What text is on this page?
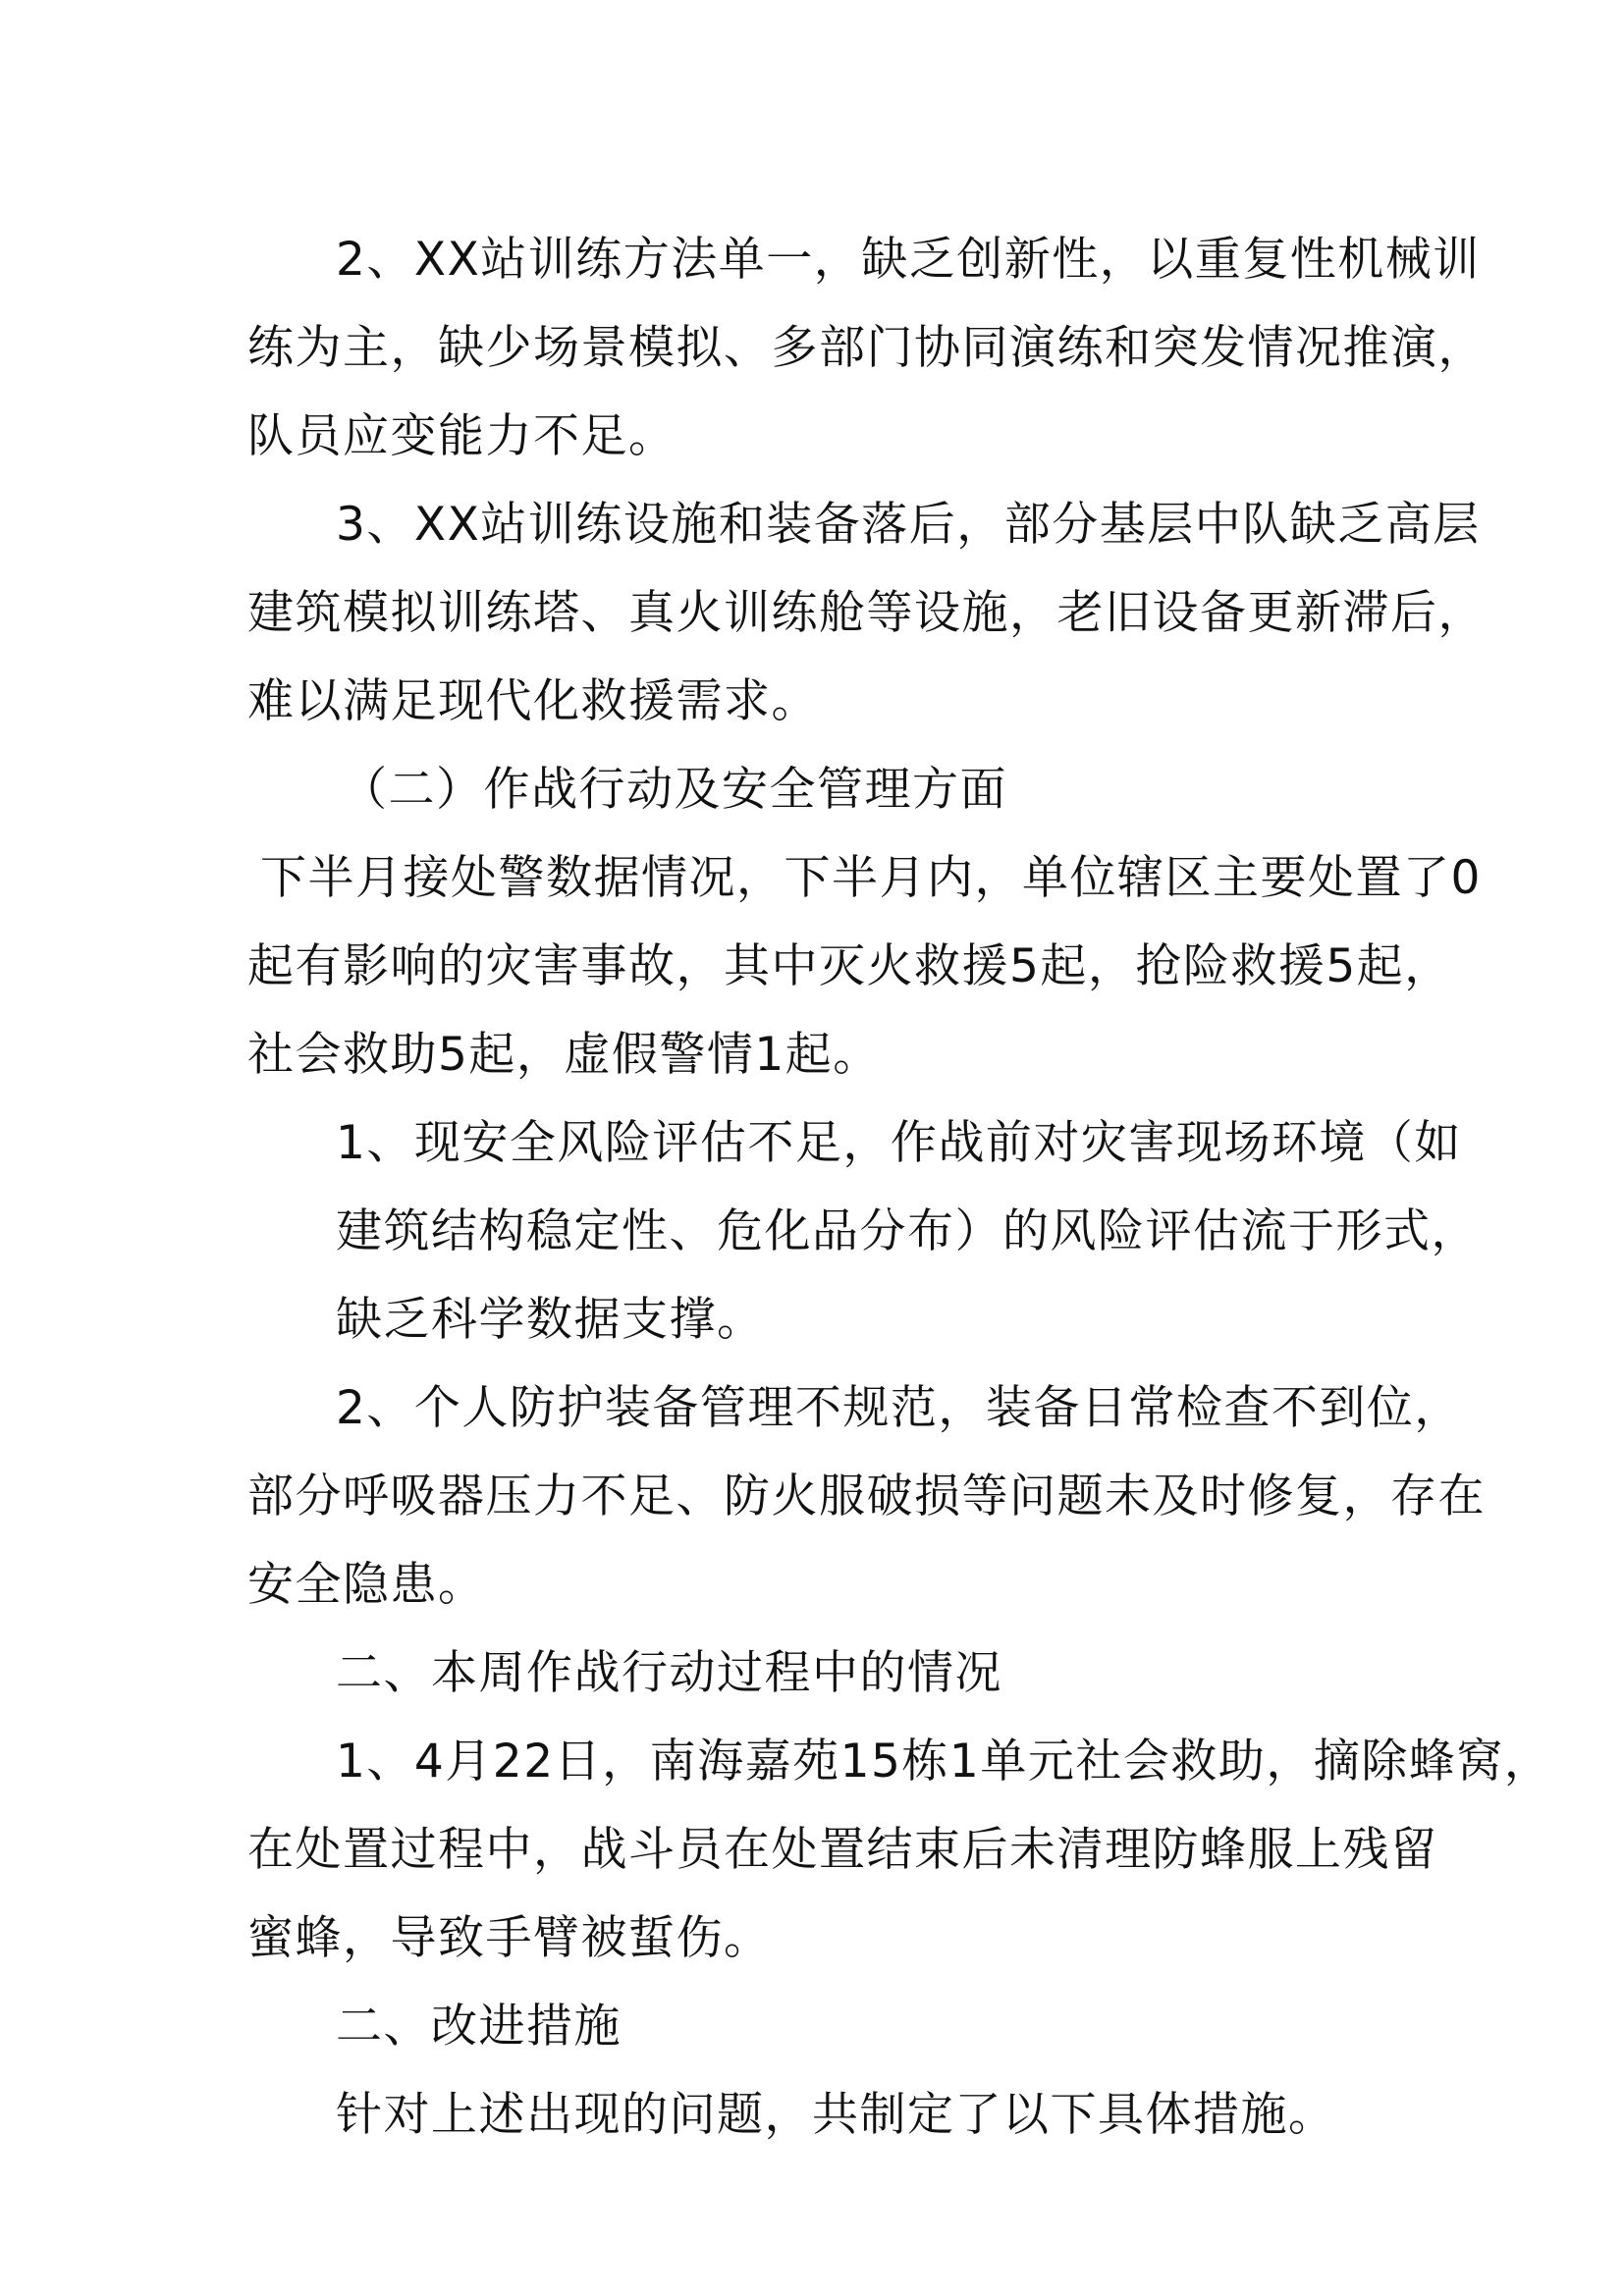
2、XX站训练方法单一，缺乏创新性，以重复性机械训
练为主，缺少场景模拟、多部门协同演练和突发情况推演，
队员应变能力不足。
3、XX站训练设施和装备落后，部分基层中队缺乏高层
建筑模拟训练塔、真火训练舱等设施，老旧设备更新滞后，
难以满足现代化救援需求。
（二）作战行动及安全管理方面
下半月接处警数据情况，下半月内，单位辖区主要处置了0
起有影响的灾害事故，其中灭火救援5起，抢险救援5起，
社会救助5起，虚假警情1起。
1、现安全风险评估不足，作战前对灾害现场环境（如
建筑结构稳定性、危化品分布）的风险评估流于形式，
缺乏科学数据支撑。
2、个人防护装备管理不规范，装备日常检查不到位，
部分呼吸器压力不足、防火服破损等问题未及时修复，存在
安全隐患。
二、本周作战行动过程中的情况
1、4月22日，南海嘉苑15栋1单元社会救助，摘除蜂窝，
在处置过程中，战斗员在处置结束后未清理防蜂服上残留
蜜蜂，导致手臂被蜇伤。
二、改进措施
针对上述出现的问题，共制定了以下具体措施。
